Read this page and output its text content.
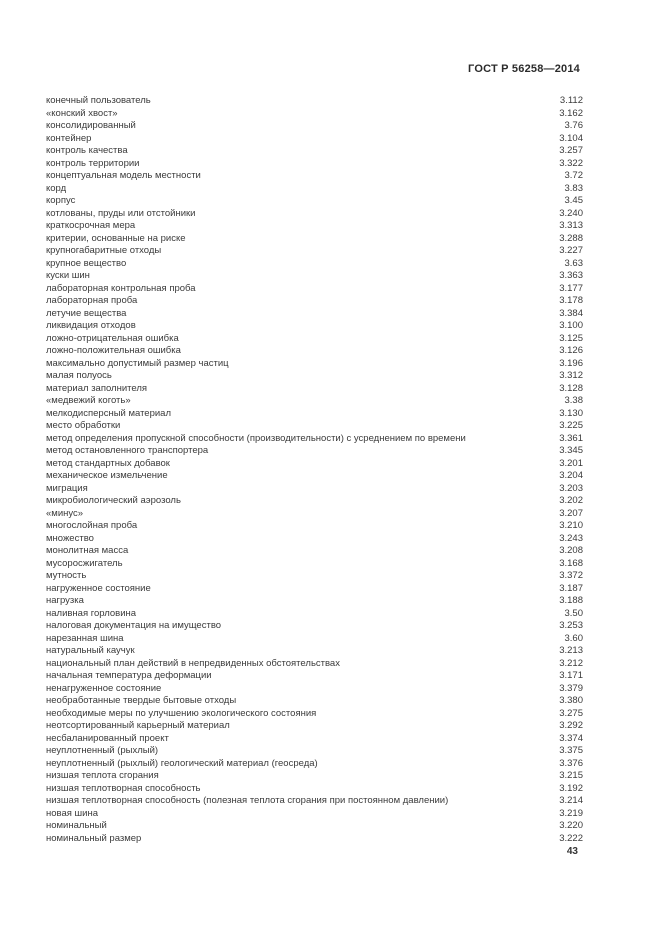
ГОСТ Р 56258—2014
конечный пользователь	3.112
«конский хвост»	3.162
консолидированный	3.76
контейнер	3.104
контроль качества	3.257
контроль территории	3.322
концептуальная модель местности	3.72
корд	3.83
корпус	3.45
котлованы, пруды или отстойники	3.240
краткосрочная мера	3.313
критерии, основанные на риске	3.288
крупногабаритные отходы	3.227
крупное вещество	3.63
куски шин	3.363
лабораторная контрольная проба	3.177
лабораторная проба	3.178
летучие вещества	3.384
ликвидация отходов	3.100
ложно-отрицательная ошибка	3.125
ложно-положительная ошибка	3.126
максимально допустимый размер частиц	3.196
малая полуось	3.312
материал заполнителя	3.128
«медвежий коготь»	3.38
мелкодисперсный материал	3.130
место обработки	3.225
метод определения пропускной способности (производительности) с усреднением по времени	3.361
метод остановленного транспортера	3.345
метод стандартных добавок	3.201
механическое измельчение	3.204
миграция	3.203
микробиологический аэрозоль	3.202
«минус»	3.207
многослойная проба	3.210
множество	3.243
монолитная масса	3.208
мусоросжигатель	3.168
мутность	3.372
нагруженное состояние	3.187
нагрузка	3.188
наливная горловина	3.50
налоговая документация на имущество	3.253
нарезанная шина	3.60
натуральный каучук	3.213
национальный план действий в непредвиденных обстоятельствах	3.212
начальная температура деформации	3.171
ненагруженное состояние	3.379
необработанные твердые бытовые отходы	3.380
необходимые меры по улучшению экологического состояния	3.275
неотсортированный карьерный материал	3.292
несбаланированный проект	3.374
неуплотненный (рыхлый)	3.375
неуплотненный (рыхлый) геологический материал (геосреда)	3.376
низшая теплота сгорания	3.215
низшая теплотворная способность	3.192
низшая теплотворная способность (полезная теплота сгорания при постоянном давлении)	3.214
новая шина	3.219
номинальный	3.220
номинальный размер	3.222
43
